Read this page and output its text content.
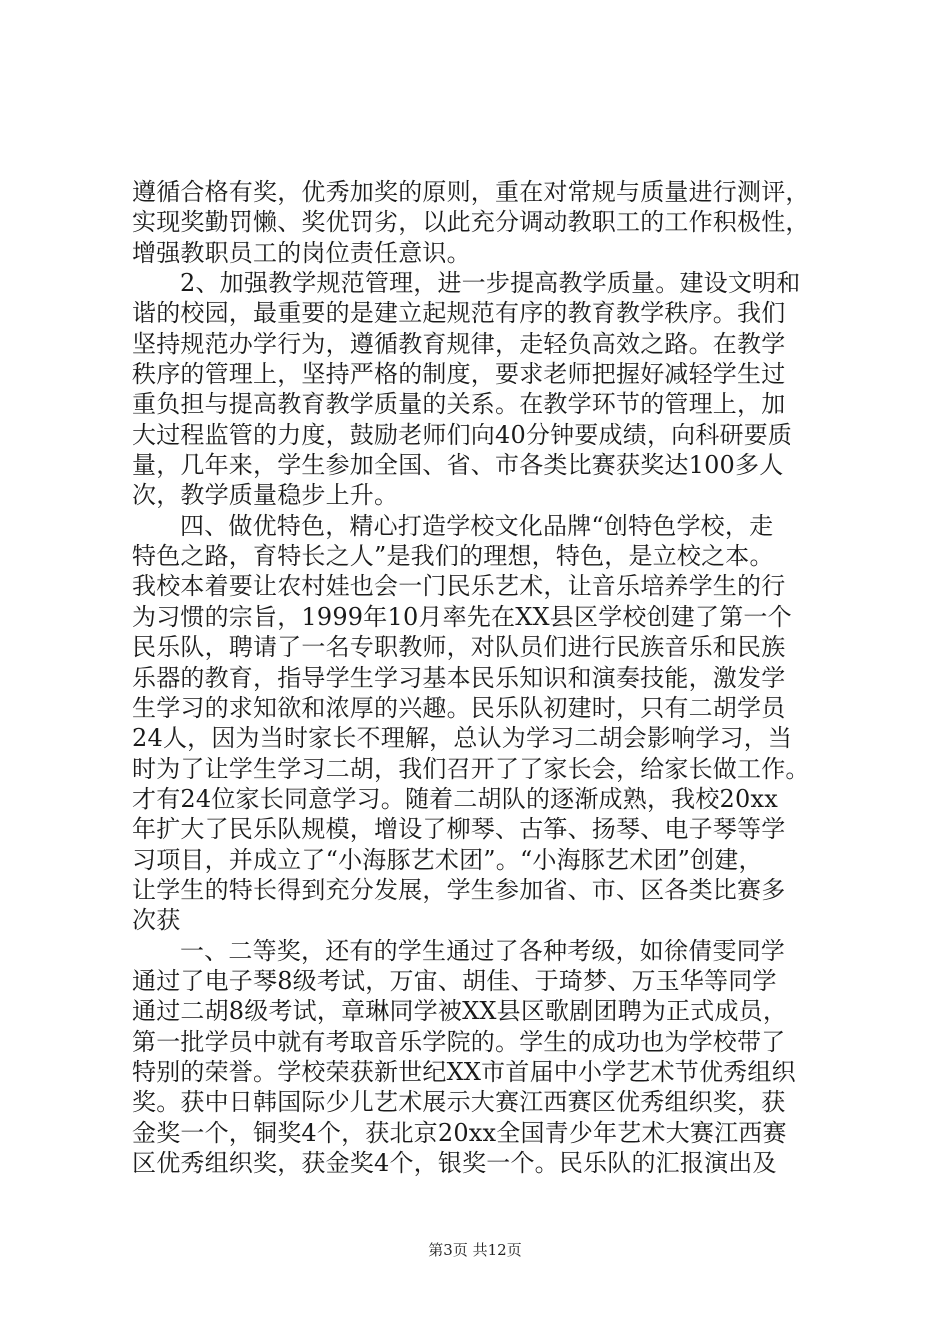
遵循合格有奖，优秀加奖的原则，重在对常规与质量进行测评，
实现奖勤罚懒、奖优罚劣，以此充分调动教职工的工作积极性，
增强教职员工的岗位责任意识。
2、加强教学规范管理，进一步提高教学质量。建设文明和
谐的校园，最重要的是建立起规范有序的教育教学秩序。我们
坚持规范办学行为，遵循教育规律，走轻负高效之路。在教学
秩序的管理上，坚持严格的制度，要求老师把握好减轻学生过
重负担与提高教育教学质量的关系。在教学环节的管理上，加
大过程监管的力度，鼓励老师们向40分钟要成绩，向科研要质
量，几年来，学生参加全国、省、市各类比赛获奖达100多人
次，教学质量稳步上升。
四、做优特色，精心打造学校文化品牌“创特色学校，走
特色之路，育特长之人”是我们的理想，特色，是立校之本。
我校本着要让农村娃也会一门民乐艺术，让音乐培养学生的行
为习惯的宗旨，1999年10月率先在XX县区学校创建了第一个
民乐队，聘请了一名专职教师，对队员们进行民族音乐和民族
乐器的教育，指导学生学习基本民乐知识和演奏技能，激发学
生学习的求知欲和浓厚的兴趣。民乐队初建时，只有二胡学员
24人，因为当时家长不理解，总认为学习二胡会影响学习，当
时为了让学生学习二胡，我们召开了了家长会，给家长做工作。
才有24位家长同意学习。随着二胡队的逐渐成熟，我校20xx
年扩大了民乐队规模，增设了柳琴、古筝、扬琴、电子琴等学
习项目，并成立了“小海豚艺术团”。“小海豚艺术团”创建，
让学生的特长得到充分发展，学生参加省、市、区各类比赛多
次获
一、二等奖，还有的学生通过了各种考级，如徐倩雯同学
通过了电子琴8级考试，万宙、胡佳、于琦梦、万玉华等同学
通过二胡8级考试，章琳同学被XX县区歌剧团聘为正式成员，
第一批学员中就有考取音乐学院的。学生的成功也为学校带了
特别的荣誉。学校荣获新世纪XX市首届中小学艺术节优秀组织
奖。获中日韩国际少儿艺术展示大赛江西赛区优秀组织奖，获
金奖一个，铜奖4个，获北京20xx全国青少年艺术大赛江西赛
区优秀组织奖，获金奖4个，银奖一个。民乐队的汇报演出及
第3页 共12页
